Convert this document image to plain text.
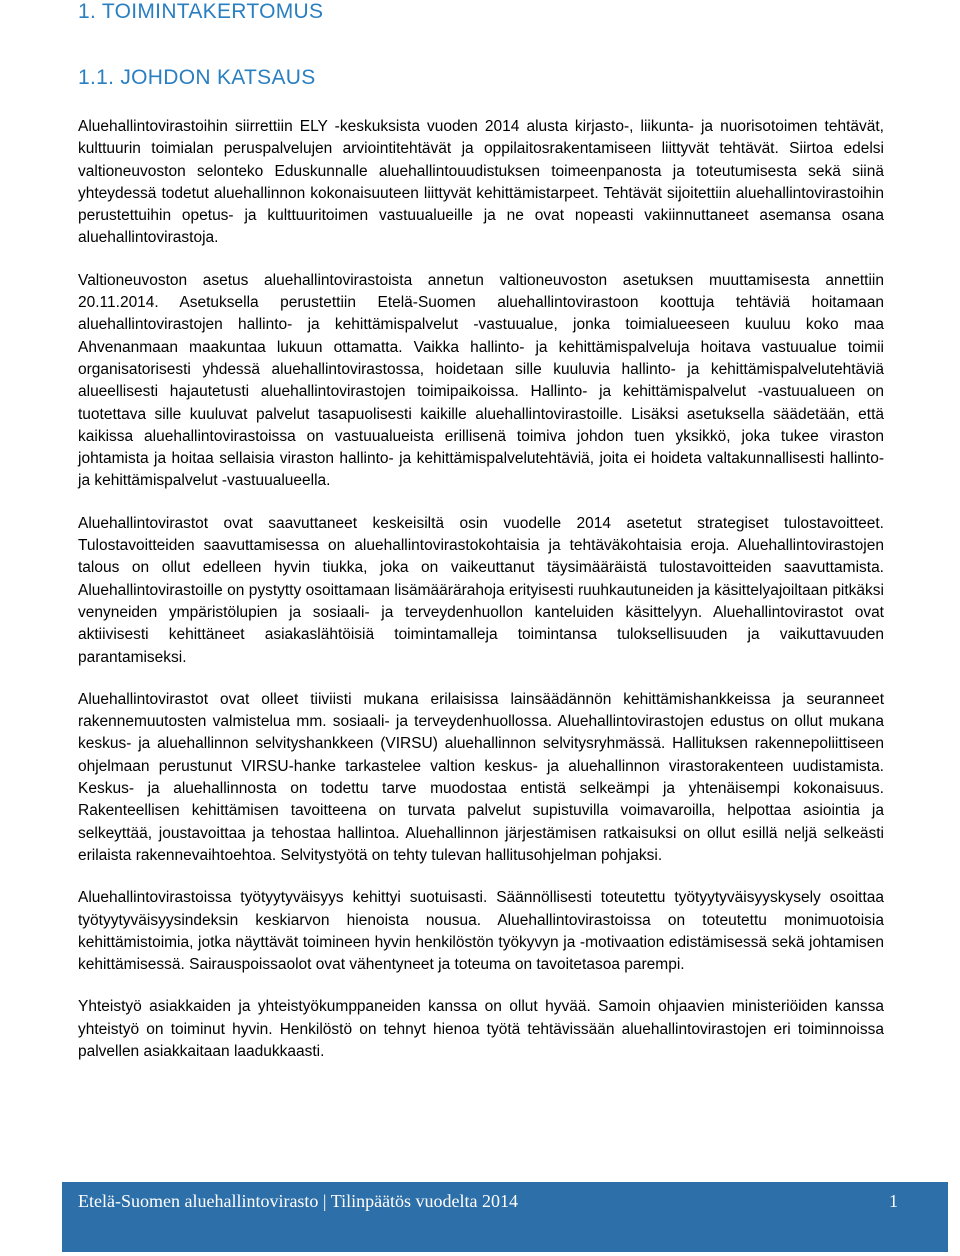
1. TOIMINTAKERTOMUS
1.1. JOHDON KATSAUS

Aluehallintovirastoihin siirrettiin ELY -keskuksista vuoden 2014 alusta kirjasto-, liikunta- ja nuorisotoimen tehtävät, kulttuurin toimialan peruspalvelujen arviointitehtävät ja oppilaitosrakentamiseen liittyvät tehtävät. Siirtoa edelsi valtioneuvoston selonteko Eduskunnalle aluehallintouudistuksen toimeenpanosta ja toteutumisesta sekä siinä yhteydessä todetut aluehallinnon kokonaisuuteen liittyvät kehittämistarpeet. Tehtävät sijoitettiin aluehallintovirastoihin perustettuihin opetus- ja kulttuuritoimen vastuualueille ja ne ovat nopeasti vakiinnuttaneet asemansa osana aluehallintovirastoja.

Valtioneuvoston asetus aluehallintovirastoista annetun valtioneuvoston asetuksen muuttamisesta annettiin 20.11.2014. Asetuksella perustettiin Etelä-Suomen aluehallintovirastoon koottuja tehtäviä hoitamaan aluehallintovirastojen hallinto- ja kehittämispalvelut -vastuualue, jonka toimialueeseen kuuluu koko maa Ahvenanmaan maakuntaa lukuun ottamatta. Vaikka hallinto- ja kehittämispalveluja hoitava vastuualue toimii organisatorisesti yhdessä aluehallintovirastossa, hoidetaan sille kuuluvia hallinto- ja kehittämispalvelutehtäviä alueellisesti hajautetusti aluehallintovirastojen toimipaikoissa. Hallinto- ja kehittämispalvelut -vastuualueen on tuotettava sille kuuluvat palvelut tasapuolisesti kaikille aluehallintovirastoille. Lisäksi asetuksella säädetään, että kaikissa aluehallintovirastoissa on vastuualueista erillisenä toimiva johdon tuen yksikkö, joka tukee viraston johtamista ja hoitaa sellaisia viraston hallinto- ja kehittämispalvelutehtäviä, joita ei hoideta valtakunnallisesti hallinto- ja kehittämispalvelut -vastuualueella.

Aluehallintovirastot ovat saavuttaneet keskeisiltä osin vuodelle 2014 asetetut strategiset tulostavoitteet. Tulostavoitteiden saavuttamisessa on aluehallintovirastokohtaisia ja tehtäväkohtaisia eroja. Aluehallintovirastojen talous on ollut edelleen hyvin tiukka, joka on vaikeuttanut täysimääräistä tulostavoitteiden saavuttamista. Aluehallintovirastoille on pystytty osoittamaan lisämäärärahoja erityisesti ruuhkautuneiden ja käsittelyajoiltaan pitkäksi venyneiden ympäristölupien ja sosiaali- ja terveydenhuollon kanteluiden käsittelyyn. Aluehallintovirastot ovat aktiivisesti kehittäneet asiakaslähtöisiä toimintamalleja toimintansa tuloksellisuuden ja vaikuttavuuden parantamiseksi.

Aluehallintovirastot ovat olleet tiiviisti mukana erilaisissa lainsäädännön kehittämishankkeissa ja seuranneet rakennemuutosten valmistelua mm. sosiaali- ja terveydenhuollossa. Aluehallintovirastojen edustus on ollut mukana keskus- ja aluehallinnon selvityshankkeen (VIRSU) aluehallinnon selvitysryhmässä. Hallituksen rakennepoliittiseen ohjelmaan perustunut VIRSU-hanke tarkastelee valtion keskus- ja aluehallinnon virastorakenteen uudistamista. Keskus- ja aluehallinnosta on todettu tarve muodostaa entistä selkeämpi ja yhtenäisempi kokonaisuus. Rakenteellisen kehittämisen tavoitteena on turvata palvelut supistuvilla voimavaroilla, helpottaa asiointia ja selkeyttää, joustavoittaa ja tehostaa hallintoa. Aluehallinnon järjestämisen ratkaisuksi on ollut esillä neljä selkeästi erilaista rakennevaihtoehtoa. Selvitystyötä on tehty tulevan hallitusohjelman pohjaksi.

Aluehallintovirastoissa työtyytyväisyys kehittyi suotuisasti. Säännöllisesti toteutettu työtyytyväisyyskysely osoittaa työtyytyväisyysindeksin keskiarvon hienoista nousua. Aluehallintovirastoissa on toteutettu monimuotoisia kehittämistoimia, jotka näyttävät toimineen hyvin henkilöstön työkyvyn ja -motivaation edistämisessä sekä johtamisen kehittämisessä. Sairauspoissaolot ovat vähentyneet ja toteuma on tavoitetasoa parempi.

Yhteistyö asiakkaiden ja yhteistyökumppaneiden kanssa on ollut hyvää. Samoin ohjaavien ministeriöiden kanssa yhteistyö on toiminut hyvin. Henkilöstö on tehnyt hienoa työtä tehtävissään aluehallintovirastojen eri toiminnoissa palvellen asiakkaitaan laadukkaasti.

Etelä-Suomen aluehallintovirasto | Tilinpäätös vuodelta 2014	1
